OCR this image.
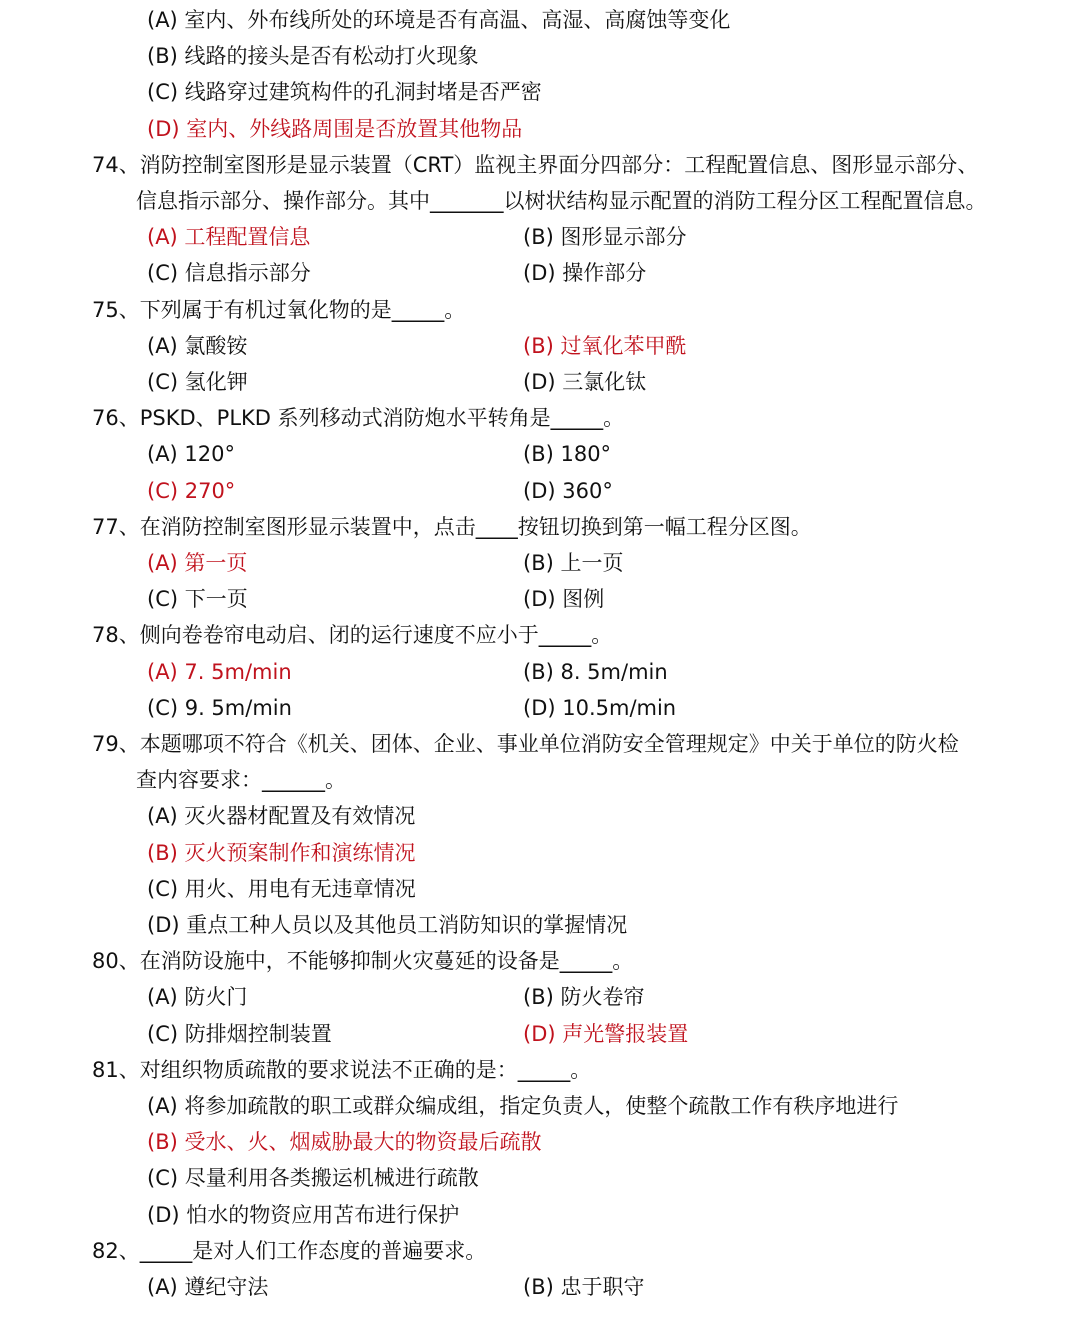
(A) 室内、外布线所处的环境是否有高温、高湿、高腐蚀等变化
(B) 线路的接头是否有松动打火现象
(C) 线路穿过建筑构件的孔洞封堵是否严密
(D) 室内、外线路周围是否放置其他物品
74、消防控制室图形是显示装置（CRT）监视主界面分四部分：工程配置信息、图形显示部分、
信息指示部分、操作部分。其中_______以树状结构显示配置的消防工程分区工程配置信息。
(A) 工程配置信息	(B) 图形显示部分
(C) 信息指示部分	(D) 操作部分
75、下列属于有机过氧化物的是_____。
(A) 氯酸铵	(B) 过氧化苯甲酰
(C) 氢化钾	(D) 三氯化钛
76、PSKD、PLKD 系列移动式消防炮水平转角是_____。
(A) 120°	(B) 180°
(C) 270°	(D) 360°
77、在消防控制室图形显示装置中，点击____按钮切换到第一幅工程分区图。
(A) 第一页	(B) 上一页
(C) 下一页	(D) 图例
78、侧向卷卷帘电动启、闭的运行速度不应小于_____。
(A) 7. 5m/min	(B) 8. 5m/min
(C) 9. 5m/min	(D) 10.5m/min
79、本题哪项不符合《机关、团体、企业、事业单位消防安全管理规定》中关于单位的防火检
查内容要求：______。
(A) 灭火器材配置及有效情况
(B) 灭火预案制作和演练情况
(C) 用火、用电有无违章情况
(D) 重点工种人员以及其他员工消防知识的掌握情况
80、在消防设施中，不能够抑制火灾蔓延的设备是_____。
(A) 防火门	(B) 防火卷帘
(C) 防排烟控制装置	(D) 声光警报装置
81、对组织物质疏散的要求说法不正确的是：_____。
(A) 将参加疏散的职工或群众编成组，指定负责人，使整个疏散工作有秩序地进行
(B) 受水、火、烟威胁最大的物资最后疏散
(C) 尽量利用各类搬运机械进行疏散
(D) 怕水的物资应用苫布进行保护
82、_____是对人们工作态度的普遍要求。
(A) 遵纪守法	(B) 忠于职守
